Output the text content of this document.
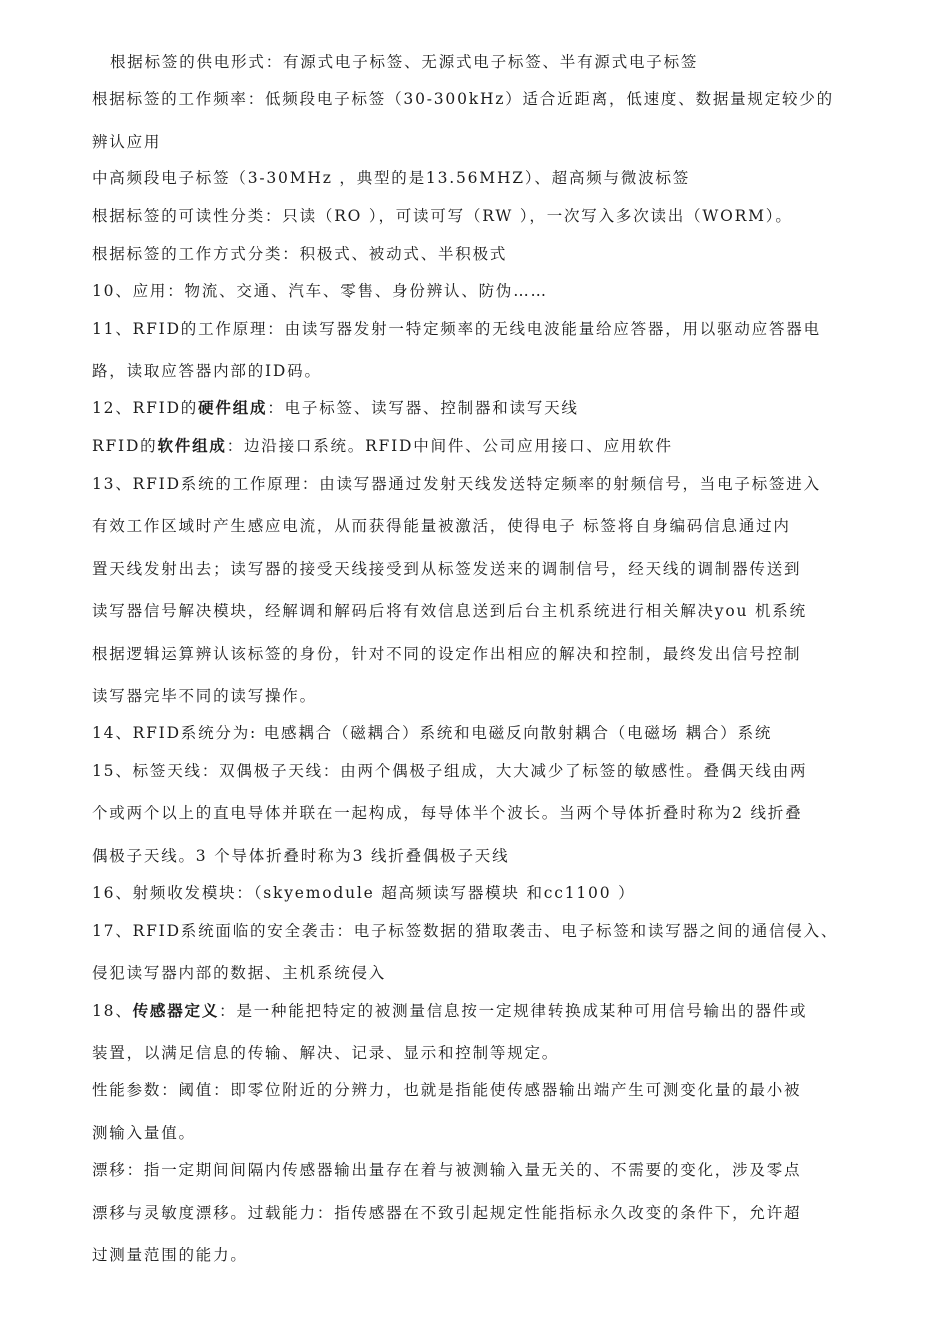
根据标签的供电形式：有源式电子标签、无源式电子标签、半有源式电子标签
根据标签的工作频率：低频段电子标签（30-300kHz）适合近距离，低速度、数据量规定较少的
辨认应用
中高频段电子标签（3-30MHz ，典型的是13.56MHZ）、超高频与微波标签
根据标签的可读性分类：只读（RO ），可读可写（RW ），一次写入多次读出（WORM）。
根据标签的工作方式分类：积极式、被动式、半积极式
10、应用：物流、交通、汽车、零售、身份辨认、防伪……
11、RFID的工作原理：由读写器发射一特定频率的无线电波能量给应答器，用以驱动应答器电
路，读取应答器内部的ID码。
12、RFID的硬件组成：电子标签、读写器、控制器和读写天线
RFID的软件组成：边沿接口系统。RFID中间件、公司应用接口、应用软件
13、RFID系统的工作原理：由读写器通过发射天线发送特定频率的射频信号，当电子标签进入
有效工作区域时产生感应电流，从而获得能量被激活，使得电子 标签将自身编码信息通过内
置天线发射出去；读写器的接受天线接受到从标签发送来的调制信号，经天线的调制器传送到
读写器信号解决模块，经解调和解码后将有效信息送到后台主机系统进行相关解决you 机系统
根据逻辑运算辨认该标签的身份，针对不同的设定作出相应的解决和控制，最终发出信号控制
读写器完毕不同的读写操作。
14、RFID系统分为: 电感耦合（磁耦合）系统和电磁反向散射耦合（电磁场 耦合）系统
15、标签天线：双偶极子天线：由两个偶极子组成，大大减少了标签的敏感性。叠偶天线由两
个或两个以上的直电导体并联在一起构成，每导体半个波长。当两个导体折叠时称为2 线折叠
偶极子天线。3 个导体折叠时称为3 线折叠偶极子天线
16、射频收发模块：（skyemodule 超高频读写器模块 和cc1100 ）
17、RFID系统面临的安全袭击：电子标签数据的猎取袭击、电子标签和读写器之间的通信侵入、
侵犯读写器内部的数据、主机系统侵入
18、传感器定义：是一种能把特定的被测量信息按一定规律转换成某种可用信号输出的器件或
装置，以满足信息的传输、解决、记录、显示和控制等规定。
性能参数：阈值：即零位附近的分辨力，也就是指能使传感器输出端产生可测变化量的最小被
测输入量值。
漂移：指一定期间间隔内传感器输出量存在着与被测输入量无关的、不需要的变化，涉及零点
漂移与灵敏度漂移。过载能力：指传感器在不致引起规定性能指标永久改变的条件下，允许超
过测量范围的能力。
